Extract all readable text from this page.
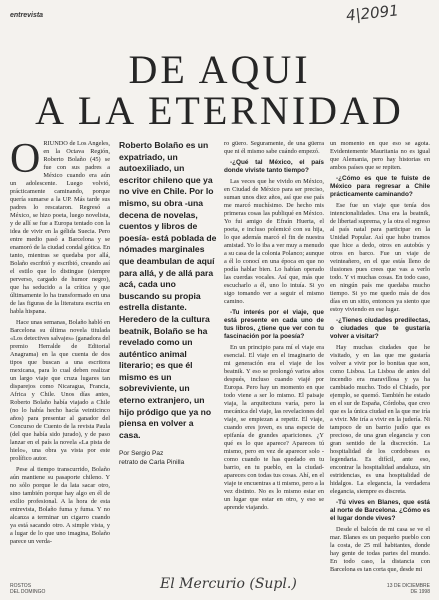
entrevista	4|2091
DE AQUI
A LA ETERNIDAD
O RIUNDO de Los Angeles, en la Octava Región, Roberto Bolaño (45) se fue con sus padres a México cuando era aún un adolescente. Luego volvió, prácticamente caminando, porque quería sumarse a la UP. Más tarde sus padres lo rescataron. Regresó a México, se hizo poeta, luego novelista, y de allí se fue a Europa tentado con la idea de vivir en la gélida Suecia. Pero entre medio pasó a Barcelona y se enamoró de la ciudad condal gótica. En tanto, mientras se quedaba por allá, Bolaño escribió y escribió, creando así el estilo que lo distingue (siempre perverso, cargado de humor negro), que ha seducido a la crítica y que últimamente lo ha transformado en una de las figuras de la literatura escrita en habla hispana.

Hace unas semanas, Bolaño habló en Barcelona su última novela titulada «Los detectives salvajes» (ganadora del premio Herralde de Editorial Anagrama) en la que cuenta de dos tipos que buscan a una escritora mexicana, para lo cual deben realizar un largo viaje que cruza lugares tan disparejos como Nicaragua, Francia, Africa y Chile. Unos días antes, Roberto Bolaño había viajado a Chile (no lo había hecho hacía veinticinco años) para presentar al ganador del Concurso de Cuento de la revista Paula (del que había sido jurado), y de paso lanzar en el país la novela «La pista de hielo», una obra ya vista por este prolífico autor.

Pese al tiempo transcurrido, Bolaño aún mantiene su pasaporte chileno. Y no sólo porque le da lata sacar otro, sino también porque hay algo en él de exilio profesional. A la hora de esta entrevista, Bolaño fuma y fuma. Y no alcanza a terminar un cigarro cuando ya está sacando otro. A simple vista, y a lugar de lo que uno imagina, Bolaño parece un verda-

Roberto Bolaño es un expatriado, un autoexiliado, un escritor chileno que ya no vive en Chile. Por lo mismo, su obra -una decena de novelas, cuentos y libros de poesía- está poblada de nómades marginales que deambulan de aquí para allá, y de allá para acá, cada uno buscando su propia estrella distante. Heredero de la cultura beatnik, Bolaño se ha revelado como un auténtico animal literario; es que él mismo es un sobreviviente, un eterno extranjero, un hijo pródigo que ya no piensa en volver a casa.
Por Sergio Paz
retrato de Carla Pinilla

ro güero. Seguramente, de una güerra que ni él mismo sabe cuándo empezó.

-¿Qué tal México, el país donde viviste tanto tiempo?

Las veces que he vivido en México, en Ciudad de México para ser preciso, suman unos diez años, así que ese país me marcó muchísimo. De hecho mis primeras cosas las publiqué en México. Yo fui amigo de Efraín Huerta, el poeta, e incluso polemicé con su hija, lo que además marcó el fin de nuestra amistad. Yo lo iba a ver muy a menudo a su casa de la colonia Polanco; aunque a él lo conocí en una época en que no podía hablar bien. Lo habían operado las cuerdas vocales. Así que, más que escucharlo a él, uno lo intuía. Si yo sigo tomando ver a seguir el mismo camino.

-Tu interés por el viaje, que está presente en cada uno de tus libros, ¿tiene que ver con tu fascinación por la poesía?

En un principio para mí el viaje era esencial. El viaje en el imaginario de mi generación era el viaje de los beatnik. Y eso se prolongó varios años después, incluso cuando viajé por Europa. Pero hay un momento en que todo viene a ser lo mismo. El paisaje viaja, la arquitectura varía, pero la mecánica del viaje, las revelaciones del viaje, se empiezan a repetir. El viaje, cuando eres joven, es una especie de epifanía de grandes apariciones. ¿Y qué es lo que aparece? Apareces tú mismo, pero en vez de aparecer solo -como cuando te has quedado en tu barrio, en tu pueblo, en la ciudad- apareces con todas tus cosas. Ahí, en el viaje te encuentras a ti mismo, pero a la vez distinto. No es lo mismo estar en un lugar que estar en otro, y eso se aprende viajando.

un momento en que eso se agota. Evidentemente Mauritania no es igual que Alemania, pero hay historias en ambos países que se repiten.

-¿Cómo es que te fuiste de México para regresar a Chile prácticamente caminando?

Ese fue un viaje que tenía dos intencionalidades. Una era la beatnik, de libertad suprema, y la otra el regreso al país natal para participar en la Unidad Popular. Así que hubo tramos que hice a dedo, otros en autobús y otros en barco. Fue un viaje de veinteañero, en el que estás lleno de ilusiones pues crees que vas a verlo todo. Y vi muchas cosas. En todo caso, en ningún país me quedaba mucho tiempo. Si yo me quedo más de dos días en un sitio, entonces ya siento que estoy viviendo en ese lugar.

-¿Tienes ciudades predilectas, o ciudades que te gustaría volver a visitar?

Hay muchas ciudades que he visitado, y en las que me gustaría volver a vivir por lo bonitas que son, como Lisboa. La Lisboa de antes del incendio era maravillosa y ya ha cambiado mucho. Todo el Chiado, por ejemplo, se quemó. También he estado en el sur de España, Córdoba, que creo que es la única ciudad en la que me iría a vivir. Me iría a vivir en la judería. Ni tampoco de un barrio judío que es precioso, de una gran elegancia y con gran sentido de la discreción. La hospitalidad de los cordobeses es legendaria. Es difícil, ante eso, encontrar la hospitalidad andaluza, sin estridencias, es una hospitalidad de hidalgos. La elegancia, la verdadera elegancia, siempre es discreta.

-Tú vives en Blanes, que está al norte de Barcelona. ¿Cómo es el lugar donde vives?

Desde el balcón de mi casa se ve el mar. Blanes es un pequeño pueblo con la costa, de 25 mil habitantes, donde hay gente de todas partes del mundo. En todo caso, la distancia con Barcelona es tan corta que, desde mi

ROSTOS
DEL DOMINGO	El Mercurio (Supl.)	13 DE DICIEMBRE
DE 1998
